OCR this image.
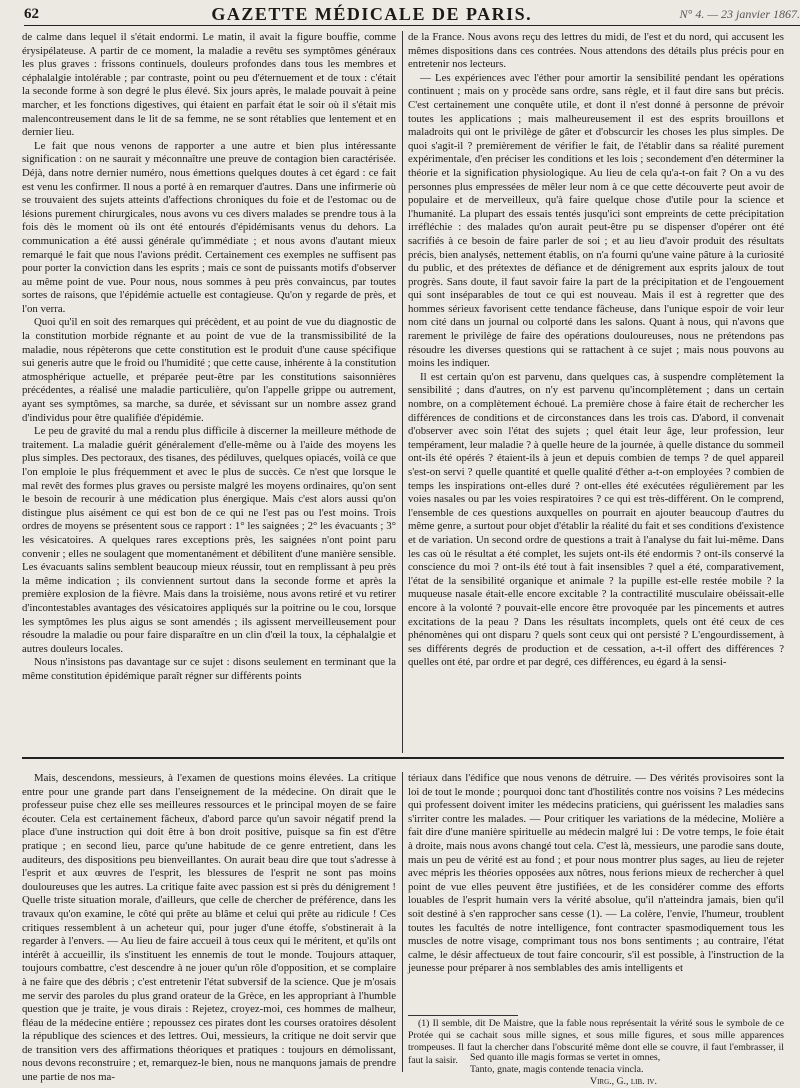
62	GAZETTE MÉDICALE DE PARIS.	N° 4. — 23 janvier 1867.

de calme dans lequel il s'était endormi. Le matin, il avait la figure bouffie, comme érysipélateuse. A partir de ce moment, la maladie a revêtu ses symptômes généraux les plus graves : frissons continuels, douleurs profondes dans tous les membres et céphalalgie intolérable ; par contraste, point ou peu d'éternuement et de toux : c'était la seconde forme à son degré le plus élevé. Six jours après, le malade pouvait à peine marcher, et les fonctions digestives, qui étaient en parfait état le soir où il s'était mis malencontreusement dans le lit de sa femme, ne se sont rétablies que lentement et en dernier lieu.

Le fait que nous venons de rapporter a une autre et bien plus intéressante signification : on ne saurait y méconnaître une preuve de contagion bien caractérisée. Déjà, dans notre dernier numéro, nous émettions quelques doutes à cet égard : ce fait est venu les confirmer. Il nous a porté à en remarquer d'autres. Dans une infirmerie où se trouvaient des sujets atteints d'affections chroniques du foie et de l'estomac ou de lésions purement chirurgicales, nous avons vu ces divers malades se prendre tous à la fois dès le moment où ils ont été entourés d'épidémisants venus du dehors. La communication a été aussi générale qu'immédiate ; et nous avons d'autant mieux remarqué le fait que nous l'avions prédit. Certainement ces exemples ne suffisent pas pour porter la conviction dans les esprits ; mais ce sont de puissants motifs d'observer au même point de vue. Pour nous, nous sommes à peu près convaincus, par toutes sortes de raisons, que l'épidémie actuelle est contagieuse. Qu'on y regarde de près, et l'on verra.

Quoi qu'il en soit des remarques qui précèdent, et au point de vue du diagnostic de la constitution morbide régnante et au point de vue de la transmissibilité de la maladie, nous répèterons que cette constitution est le produit d'une cause spécifique sui generis autre que le froid ou l'humidité ; que cette cause, inhérente à la constitution atmosphérique actuelle, et préparée peut-être par les constitutions saisonnières précédentes, a réalisé une maladie particulière, qu'on l'appelle grippe ou autrement, ayant ses symptômes, sa marche, sa durée, et sévissant sur un nombre assez grand d'individus pour être qualifiée d'épidémie.

Le peu de gravité du mal a rendu plus difficile à discerner la meilleure méthode de traitement. La maladie guérit généralement d'elle-même ou à l'aide des moyens les plus simples. Des pectoraux, des tisanes, des pédiluves, quelques opiacés, voilà ce que l'on emploie le plus fréquemment et avec le plus de succès. Ce n'est que lorsque le mal revêt des formes plus graves ou persiste malgré les moyens ordinaires, qu'on sent le besoin de recourir à une médication plus énergique. Mais c'est alors aussi qu'on distingue plus aisément ce qui est bon de ce qui ne l'est pas ou l'est moins. Trois ordres de moyens se présentent sous ce rapport : 1° les saignées ; 2° les évacuants ; 3° les vésicatoires. A quelques rares exceptions près, les saignées n'ont point paru convenir ; elles ne soulagent que momentanément et débilitent d'une manière sensible. Les évacuants salins semblent beaucoup mieux réussir, tout en remplissant à peu près la même indication ; ils conviennent surtout dans la seconde forme et après la première explosion de la fièvre. Mais dans la troisième, nous avons retiré et vu retirer d'incontestables avantages des vésicatoires appliqués sur la poitrine ou le cou, lorsque les symptômes les plus aigus se sont amendés ; ils agissent merveilleusement pour résoudre la maladie ou pour faire disparaître en un clin d'œil la toux, la céphalalgie et autres douleurs locales.

Nous n'insistons pas davantage sur ce sujet : disons seulement en terminant que la même constitution épidémique paraît régner sur différents points

de la France. Nous avons reçu des lettres du midi, de l'est et du nord, qui accusent les mêmes dispositions dans ces contrées. Nous attendons des détails plus précis pour en entretenir nos lecteurs.

— Les expériences avec l'éther pour amortir la sensibilité pendant les opérations continuent ; mais on y procède sans ordre, sans règle, et il faut dire sans but précis. C'est certainement une conquête utile, et dont il n'est donné à personne de prévoir toutes les applications ; mais malheureusement il est des esprits brouillons et maladroits qui ont le privilège de gâter et d'obscurcir les choses les plus simples. De quoi s'agit-il ? premièrement de vérifier le fait, de l'établir dans sa réalité purement expérimentale, d'en préciser les conditions et les lois ; secondement d'en déterminer la théorie et la signification physiologique. Au lieu de cela qu'a-t-on fait ? On a vu des personnes plus empressées de mêler leur nom à ce que cette découverte peut avoir de populaire et de merveilleux, qu'à faire quelque chose d'utile pour la science et l'humanité. La plupart des essais tentés jusqu'ici sont empreints de cette précipitation irréfléchie : des malades qu'on aurait peut-être pu se dispenser d'opérer ont été sacrifiés à ce besoin de faire parler de soi ; et au lieu d'avoir produit des résultats précis, bien analysés, nettement établis, on n'a fourni qu'une vaine pâture à la curiosité du public, et des prétextes de défiance et de dénigrement aux esprits jaloux de tout progrès. Sans doute, il faut savoir faire la part de la précipitation et de l'engouement qui sont inséparables de tout ce qui est nouveau. Mais il est à regretter que des hommes sérieux favorisent cette tendance fâcheuse, dans l'unique espoir de voir leur nom cité dans un journal ou colporté dans les salons. Quant à nous, qui n'avons que rarement le privilège de faire des opérations douloureuses, nous ne prétendons pas résoudre les diverses questions qui se rattachent à ce sujet ; mais nous pouvons au moins les indiquer.

Il est certain qu'on est parvenu, dans quelques cas, à suspendre complètement la sensibilité ; dans d'autres, on n'y est parvenu qu'incomplètement ; dans un certain nombre, on a complètement échoué. La première chose à faire était de rechercher les différences de conditions et de circonstances dans les trois cas. D'abord, il convenait d'observer avec soin l'état des sujets ; quel était leur âge, leur profession, leur tempérament, leur maladie ? à quelle heure de la journée, à quelle distance du sommeil ont-ils été opérés ? étaient-ils à jeun et depuis combien de temps ? de quel appareil s'est-on servi ? quelle quantité et quelle qualité d'éther a-t-on employées ? combien de temps les inspirations ont-elles duré ? ont-elles été exécutées régulièrement par les voies nasales ou par les voies respiratoires ? ce qui est très-différent. On le comprend, l'ensemble de ces questions auxquelles on pourrait en ajouter beaucoup d'autres du même genre, a surtout pour objet d'établir la réalité du fait et ses conditions d'existence et de variation. Un second ordre de questions a trait à l'analyse du fait lui-même. Dans les cas où le résultat a été complet, les sujets ont-ils été endormis ? ont-ils conservé la conscience du moi ? ont-ils été tout à fait insensibles ? quel a été, comparativement, l'état de la sensibilité organique et animale ? la pupille est-elle restée mobile ? la muqueuse nasale était-elle encore excitable ? la contractilité musculaire obéissait-elle encore à la volonté ? pouvait-elle encore être provoquée par les pincements et autres excitations de la peau ? Dans les résultats incomplets, quels ont été ceux de ces phénomènes qui ont disparu ? quels sont ceux qui ont persisté ? L'engourdissement, à ses différents degrés de production et de cessation, a-t-il offert des différences ? quelles ont été, par ordre et par degré, ces différences, eu égard à la sensi-

Mais, descendons, messieurs, à l'examen de questions moins élevées. La critique entre pour une grande part dans l'enseignement de la médecine. On dirait que le professeur puise chez elle ses meilleures ressources et le principal moyen de se faire écouter. Cela est certainement fâcheux, d'abord parce qu'un savoir négatif prend la place d'une instruction qui doit être à bon droit positive, puisque sa fin est d'être pratique ; en second lieu, parce qu'une habitude de ce genre entretient, dans les auditeurs, des dispositions peu bienveillantes. On aurait beau dire que tout s'adresse à l'esprit et aux œuvres de l'esprit, les blessures de l'esprit ne sont pas moins douloureuses que les autres. La critique faite avec passion est si près du dénigrement ! Quelle triste situation morale, d'ailleurs, que celle de chercher de préférence, dans les travaux qu'on examine, le côté qui prête au blâme et celui qui prête au ridicule ! Ces critiques ressemblent à un acheteur qui, pour juger d'une étoffe, s'obstinerait à la regarder à l'envers. — Au lieu de faire accueil à tous ceux qui le méritent, et qu'ils ont intérêt à accueillir, ils s'instituent les ennemis de tout le monde. Toujours attaquer, toujours combattre, c'est descendre à ne jouer qu'un rôle d'opposition, et se complaire à ne faire que des débris ; c'est entretenir l'état subversif de la science. Que je m'osais me servir des paroles du plus grand orateur de la Grèce, en les appropriant à l'humble question que je traite, je vous dirais : Rejetez, croyez-moi, ces hommes de malheur, fléau de la médecine entière ; repoussez ces pirates dont les courses oratoires désolent la république des sciences et des lettres. Oui, messieurs, la critique ne doit servir que de transition vers des affirmations théoriques et pratiques : toujours en démolissant, nous devons reconstruire ; et, remarquez-le bien, nous ne manquons jamais de prendre une partie de nos ma-

tériaux dans l'édifice que nous venons de détruire. — Des vérités provisoires sont la loi de tout le monde ; pourquoi donc tant d'hostilités contre nos voisins ? Les médecins qui professent doivent imiter les médecins praticiens, qui guérissent les maladies sans s'irriter contre les malades. — Pour critiquer les variations de la médecine, Molière a fait dire d'une manière spirituelle au médecin malgré lui : De votre temps, le foie était à droite, mais nous avons changé tout cela. C'est là, messieurs, une parodie sans doute, mais un peu de vérité est au fond ; et pour nous montrer plus sages, au lieu de rejeter avec mépris les théories opposées aux nôtres, nous ferions mieux de rechercher à quel point de vue elles peuvent être justifiées, et de les considérer comme des efforts louables de l'esprit humain vers la vérité absolue, qu'il n'atteindra jamais, bien qu'il soit destiné à s'en rapprocher sans cesse (1). — La colère, l'envie, l'humeur, troublent toutes les facultés de notre intelligence, font contracter spasmodiquement tous les muscles de notre visage, comprimant tous nos bons sentiments ; au contraire, l'état calme, le désir affectueux de tout faire concourir, s'il est possible, à l'instruction de la jeunesse pour préparer à nos semblables des amis intelligents et

(1) Il semble, dit De Maistre, que la fable nous représentait la vérité sous le symbole de ce Protée qui se cachait sous mille signes, et sous mille figures, et sous mille apparences trompeuses. Il faut la chercher dans l'obscurité même dont elle se couvre, il faut l'embrasser, il faut la saisir.	Sed quanto ille magis formas se vertet in omnes,
Tanto, gnate, magis contende tenacia vincla.
Virg., G., lib. iv.
